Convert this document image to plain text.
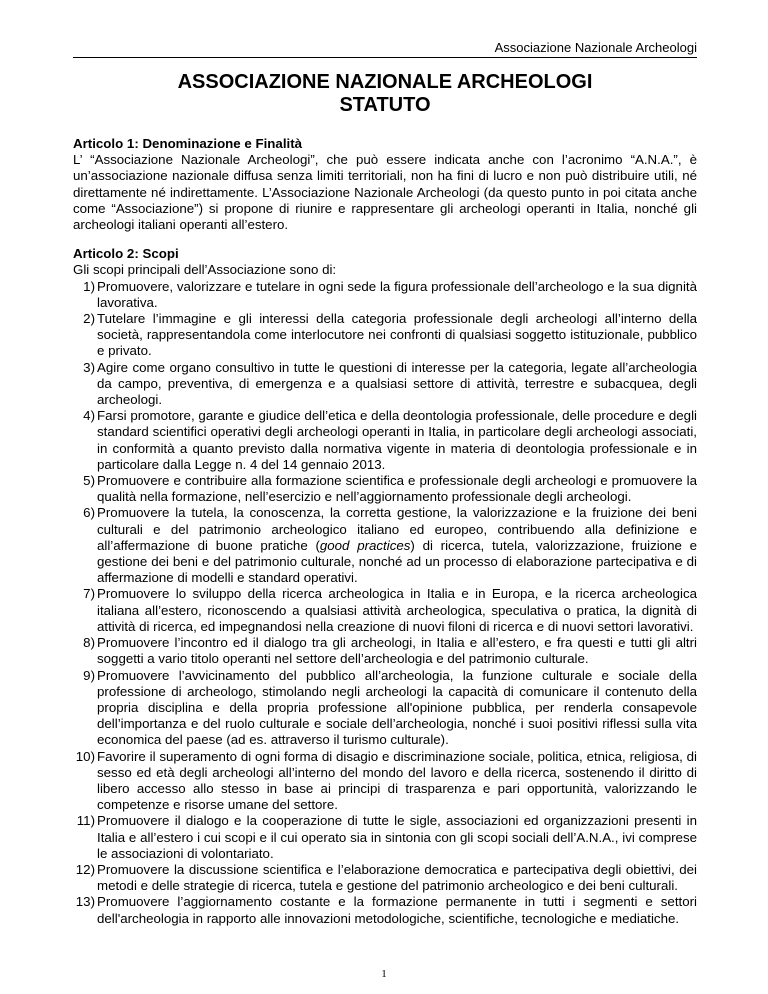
Associazione Nazionale Archeologi
ASSOCIAZIONE NAZIONALE ARCHEOLOGI
STATUTO
Articolo 1: Denominazione e Finalità

L’ “Associazione Nazionale Archeologi”, che può essere indicata anche con l’acronimo “A.N.A.”, è un’associazione nazionale diffusa senza limiti territoriali, non ha fini di lucro e non può distribuire utili, né direttamente né indirettamente. L’Associazione Nazionale Archeologi (da questo punto in poi citata anche come “Associazione”) si propone di riunire e rappresentare gli archeologi operanti in Italia, nonché gli archeologi italiani operanti all’estero.

Articolo 2: Scopi

Gli scopi principali dell’Associazione sono di:

1) Promuovere, valorizzare e tutelare in ogni sede la figura professionale dell’archeologo e la sua dignità lavorativa.
2) Tutelare l’immagine e gli interessi della categoria professionale degli archeologi all’interno della società, rappresentandola come interlocutore nei confronti di qualsiasi soggetto istituzionale, pubblico e privato.
3) Agire come organo consultivo in tutte le questioni di interesse per la categoria, legate all’archeologia da campo, preventiva, di emergenza e a qualsiasi settore di attività, terrestre e subacquea, degli archeologi.
4) Farsi promotore, garante e giudice dell’etica e della deontologia professionale, delle procedure e degli standard scientifici operativi degli archeologi operanti in Italia, in particolare degli archeologi associati, in conformità a quanto previsto dalla normativa vigente in materia di deontologia professionale e in particolare dalla Legge n. 4 del 14 gennaio 2013.
5) Promuovere e contribuire alla formazione scientifica e professionale degli archeologi e promuovere la qualità nella formazione, nell’esercizio e nell’aggiornamento professionale degli archeologi.
6) Promuovere la tutela, la conoscenza, la corretta gestione, la valorizzazione e la fruizione dei beni culturali e del patrimonio archeologico italiano ed europeo, contribuendo alla definizione e all’affermazione di buone pratiche (good practices) di ricerca, tutela, valorizzazione, fruizione e gestione dei beni e del patrimonio culturale, nonché ad un processo di elaborazione partecipativa e di affermazione di modelli e standard operativi.
7) Promuovere lo sviluppo della ricerca archeologica in Italia e in Europa, e la ricerca archeologica italiana all’estero, riconoscendo a qualsiasi attività archeologica, speculativa o pratica, la dignità di attività di ricerca, ed impegnandosi nella creazione di nuovi filoni di ricerca e di nuovi settori lavorativi.
8) Promuovere l’incontro ed il dialogo tra gli archeologi, in Italia e all’estero, e fra questi e tutti gli altri soggetti a vario titolo operanti nel settore dell’archeologia e del patrimonio culturale.
9) Promuovere l’avvicinamento del pubblico all’archeologia, la funzione culturale e sociale della professione di archeologo, stimolando negli archeologi la capacità di comunicare il contenuto della propria disciplina e della propria professione all'opinione pubblica, per renderla consapevole dell’importanza e del ruolo culturale e sociale dell’archeologia, nonché i suoi positivi riflessi sulla vita economica del paese (ad es. attraverso il turismo culturale).
10) Favorire il superamento di ogni forma di disagio e discriminazione sociale, politica, etnica, religiosa, di sesso ed età degli archeologi all’interno del mondo del lavoro e della ricerca, sostenendo il diritto di libero accesso allo stesso in base ai principi di trasparenza e pari opportunità, valorizzando le competenze e risorse umane del settore.
11) Promuovere il dialogo e la cooperazione di tutte le sigle, associazioni ed organizzazioni presenti in Italia e all’estero i cui scopi e il cui operato sia in sintonia con gli scopi sociali dell’A.N.A., ivi comprese le associazioni di volontariato.
12) Promuovere la discussione scientifica e l’elaborazione democratica e partecipativa degli obiettivi, dei metodi e delle strategie di ricerca, tutela e gestione del patrimonio archeologico e dei beni culturali.
13) Promuovere l’aggiornamento costante e la formazione permanente in tutti i segmenti e settori dell'archeologia in rapporto alle innovazioni metodologiche, scientifiche, tecnologiche e mediatiche.
1
